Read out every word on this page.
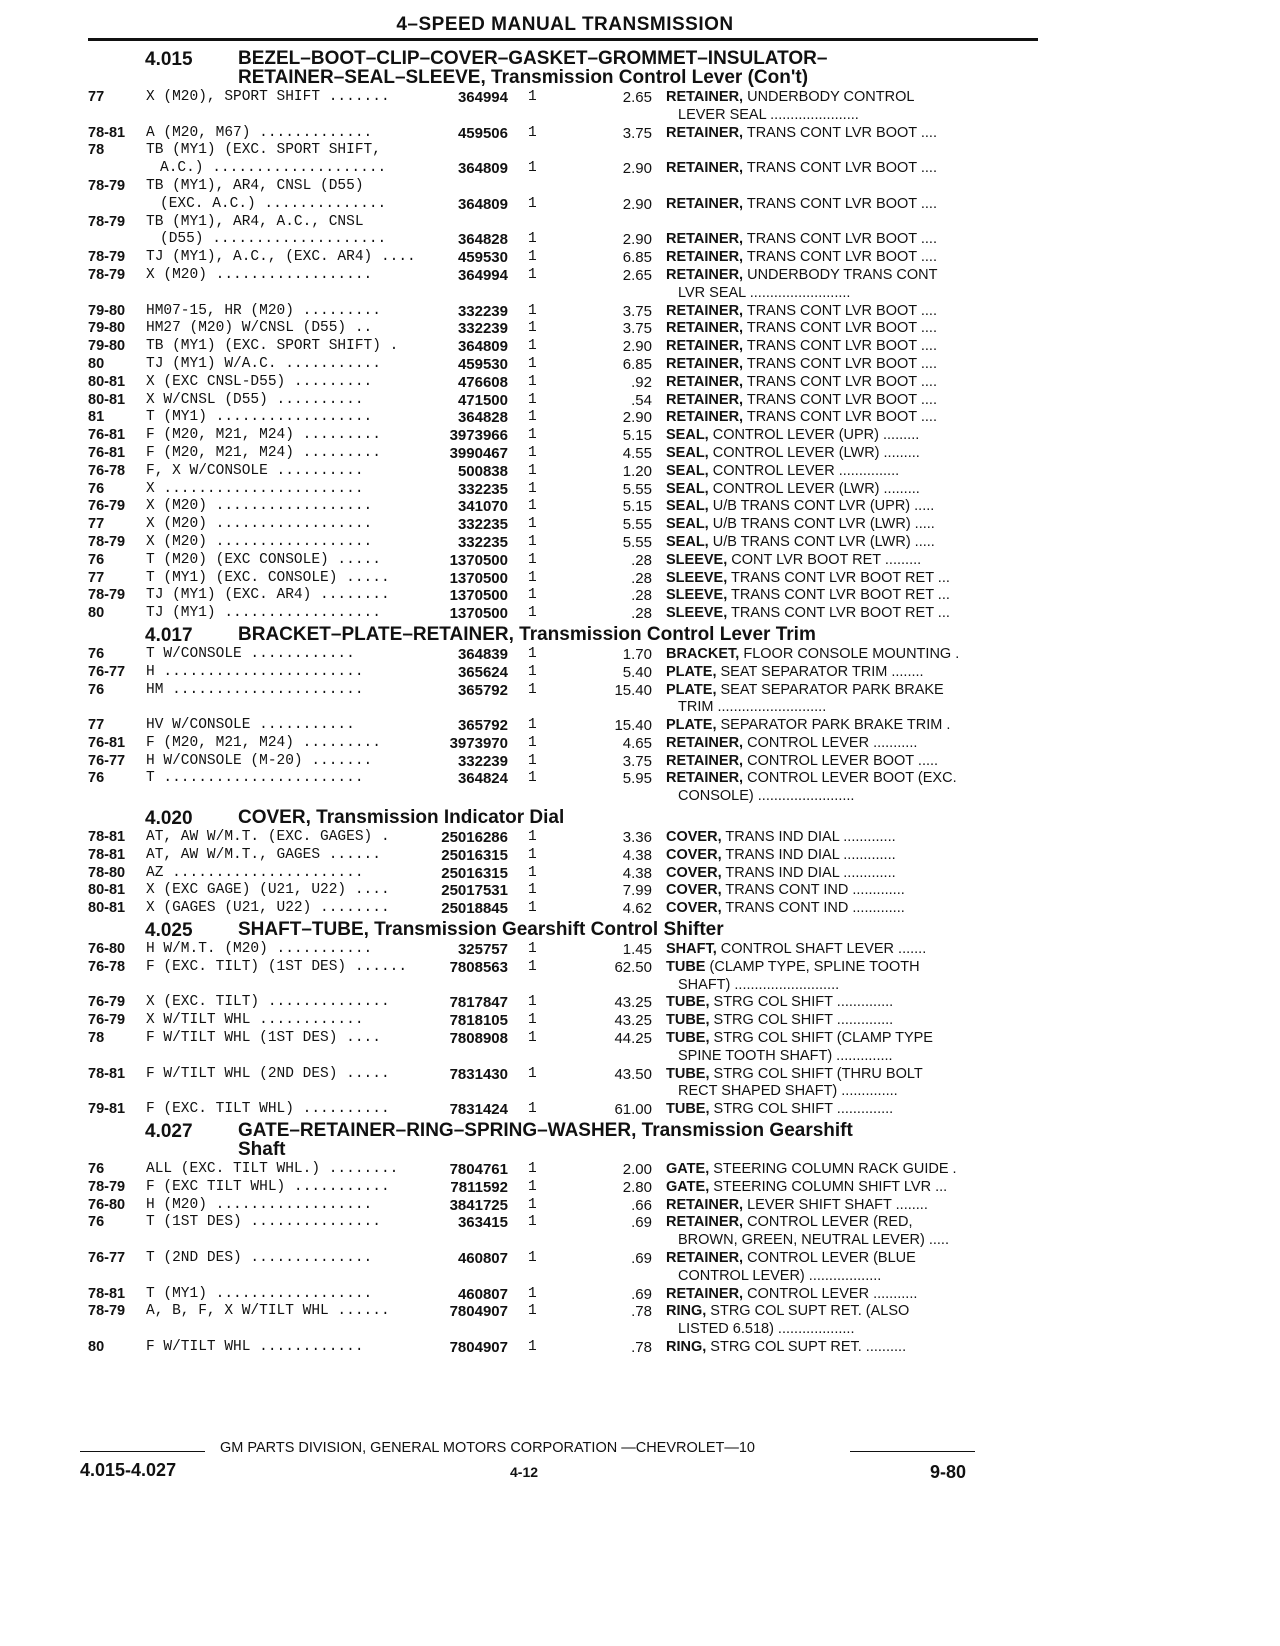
4–SPEED MANUAL TRANSMISSION
4.015 BEZEL–BOOT–CLIP–COVER–GASKET–GROMMET–INSULATOR–
RETAINER–SEAL–SLEEVE, Transmission Control Lever (Con't)
77	X (M20), SPORT SHIFT .......	364994 1	2.65 RETAINER, UNDERBODY CONTROL
LEVER SEAL ......................
78-81 A (M20, M67) .............	459506 1	3.75 RETAINER, TRANS CONT LVR BOOT ....
78	TB (MY1) (EXC. SPORT SHIFT,
A.C.) ....................	364809 1	2.90 RETAINER, TRANS CONT LVR BOOT ....
78-79 TB (MY1), AR4, CNSL (D55)
(EXC. A.C.) ..............	364809 1	2.90 RETAINER, TRANS CONT LVR BOOT ....
78-79 TB (MY1), AR4, A.C., CNSL
(D55) ....................	364828 1	2.90 RETAINER, TRANS CONT LVR BOOT ....
78-79 TJ (MY1), A.C., (EXC. AR4) ....	459530 1	6.85 RETAINER, TRANS CONT LVR BOOT ....
78-79 X (M20) ..................	364994 1	2.65 RETAINER, UNDERBODY TRANS CONT
LVR SEAL .........................
79-80 HM07-15, HR (M20) .........	332239 1	3.75 RETAINER, TRANS CONT LVR BOOT ....
79-80 HM27 (M20) W/CNSL (D55) ..	332239 1	3.75 RETAINER, TRANS CONT LVR BOOT ....
79-80 TB (MY1) (EXC. SPORT SHIFT) .	364809 1	2.90 RETAINER, TRANS CONT LVR BOOT ....
80	TJ (MY1) W/A.C. ...........	459530 1	6.85 RETAINER, TRANS CONT LVR BOOT ....
80-81 X (EXC CNSL-D55) .........	476608 1	.92 RETAINER, TRANS CONT LVR BOOT ....
80-81 X W/CNSL (D55) ..........	471500 1	.54 RETAINER, TRANS CONT LVR BOOT ....
81	T (MY1) ..................	364828 1	2.90 RETAINER, TRANS CONT LVR BOOT ....
76-81 F (M20, M21, M24) .........	3973966 1	5.15 SEAL, CONTROL LEVER (UPR) .........
76-81 F (M20, M21, M24) .........	3990467 1	4.55 SEAL, CONTROL LEVER (LWR) .........
76-78 F, X W/CONSOLE ..........	500838 1	1.20 SEAL, CONTROL LEVER ...............
76	X .......................	332235 1	5.55 SEAL, CONTROL LEVER (LWR) .........
76-79 X (M20) ..................	341070 1	5.15 SEAL, U/B TRANS CONT LVR (UPR) .....
77	X (M20) ..................	332235 1	5.55 SEAL, U/B TRANS CONT LVR (LWR) .....
78-79 X (M20) ..................	332235 1	5.55 SEAL, U/B TRANS CONT LVR (LWR) .....
76	T (M20) (EXC CONSOLE) .....	1370500 1	.28 SLEEVE, CONT LVR BOOT RET .........
77	T (MY1) (EXC. CONSOLE) .....	1370500 1	.28 SLEEVE, TRANS CONT LVR BOOT RET ...
78-79 TJ (MY1) (EXC. AR4) ........	1370500 1	.28 SLEEVE, TRANS CONT LVR BOOT RET ...
80	TJ (MY1) ..................	1370500 1	.28 SLEEVE, TRANS CONT LVR BOOT RET ...
4.017 BRACKET–PLATE–RETAINER, Transmission Control Lever Trim
76	T W/CONSOLE ............	364839 1	1.70 BRACKET, FLOOR CONSOLE MOUNTING .
76-77 H .......................	365624 1	5.40 PLATE, SEAT SEPARATOR TRIM ........
76	HM ......................	365792 1	15.40 PLATE, SEAT SEPARATOR PARK BRAKE
TRIM ...........................
77	HV W/CONSOLE ...........	365792 1	15.40 PLATE, SEPARATOR PARK BRAKE TRIM .
76-81 F (M20, M21, M24) .........	3973970 1	4.65 RETAINER, CONTROL LEVER ...........
76-77 H W/CONSOLE (M-20) .......	332239 1	3.75 RETAINER, CONTROL LEVER BOOT .....
76	T .......................	364824 1	5.95 RETAINER, CONTROL LEVER BOOT (EXC.
CONSOLE) ........................
4.020 COVER, Transmission Indicator Dial
78-81 AT, AW W/M.T. (EXC. GAGES) .	25016286 1	3.36 COVER, TRANS IND DIAL .............
78-81 AT, AW W/M.T., GAGES ......	25016315 1	4.38 COVER, TRANS IND DIAL .............
78-80 AZ ......................	25016315 1	4.38 COVER, TRANS IND DIAL .............
80-81 X (EXC GAGE) (U21, U22) ....	25017531 1	7.99 COVER, TRANS CONT IND .............
80-81 X (GAGES (U21, U22) ........	25018845 1	4.62 COVER, TRANS CONT IND .............
4.025 SHAFT–TUBE, Transmission Gearshift Control Shifter
76-80 H W/M.T. (M20) ...........	325757 1	1.45 SHAFT, CONTROL SHAFT LEVER .......
76-78 F (EXC. TILT) (1ST DES) ......	7808563 1	62.50 TUBE (CLAMP TYPE, SPLINE TOOTH
SHAFT) ..........................
76-79 X (EXC. TILT) ..............	7817847 1	43.25 TUBE, STRG COL SHIFT ..............
76-79 X W/TILT WHL ............	7818105 1	43.25 TUBE, STRG COL SHIFT ..............
78	F W/TILT WHL (1ST DES) ....	7808908 1	44.25 TUBE, STRG COL SHIFT (CLAMP TYPE
SPINE TOOTH SHAFT) ..............
78-81 F W/TILT WHL (2ND DES) .....	7831430 1	43.50 TUBE, STRG COL SHIFT (THRU BOLT
RECT SHAPED SHAFT) ..............
79-81 F (EXC. TILT WHL) ..........	7831424 1	61.00 TUBE, STRG COL SHIFT ..............
4.027 GATE–RETAINER–RING–SPRING–WASHER, Transmission Gearshift
Shaft
76	ALL (EXC. TILT WHL.) ........	7804761 1	2.00 GATE, STEERING COLUMN RACK GUIDE .
78-79 F (EXC TILT WHL) ...........	7811592 1	2.80 GATE, STEERING COLUMN SHIFT LVR ...
76-80 H (M20) ..................	3841725 1	.66 RETAINER, LEVER SHIFT SHAFT ........
76	T (1ST DES) ...............	363415 1	.69 RETAINER, CONTROL LEVER (RED,
BROWN, GREEN, NEUTRAL LEVER) .....
76-77 T (2ND DES) ..............	460807 1	.69 RETAINER, CONTROL LEVER (BLUE
CONTROL LEVER) ..................
78-81 T (MY1) ..................	460807 1	.69 RETAINER, CONTROL LEVER ...........
78-79 A, B, F, X W/TILT WHL ......	7804907 1	.78 RING, STRG COL SUPT RET. (ALSO
LISTED 6.518) ...................
80	F W/TILT WHL ............	7804907 1	.78 RING, STRG COL SUPT RET. ..........
GM PARTS DIVISION, GENERAL MOTORS CORPORATION —CHEVROLET—10
4.015-4.027	4-12	9-80
